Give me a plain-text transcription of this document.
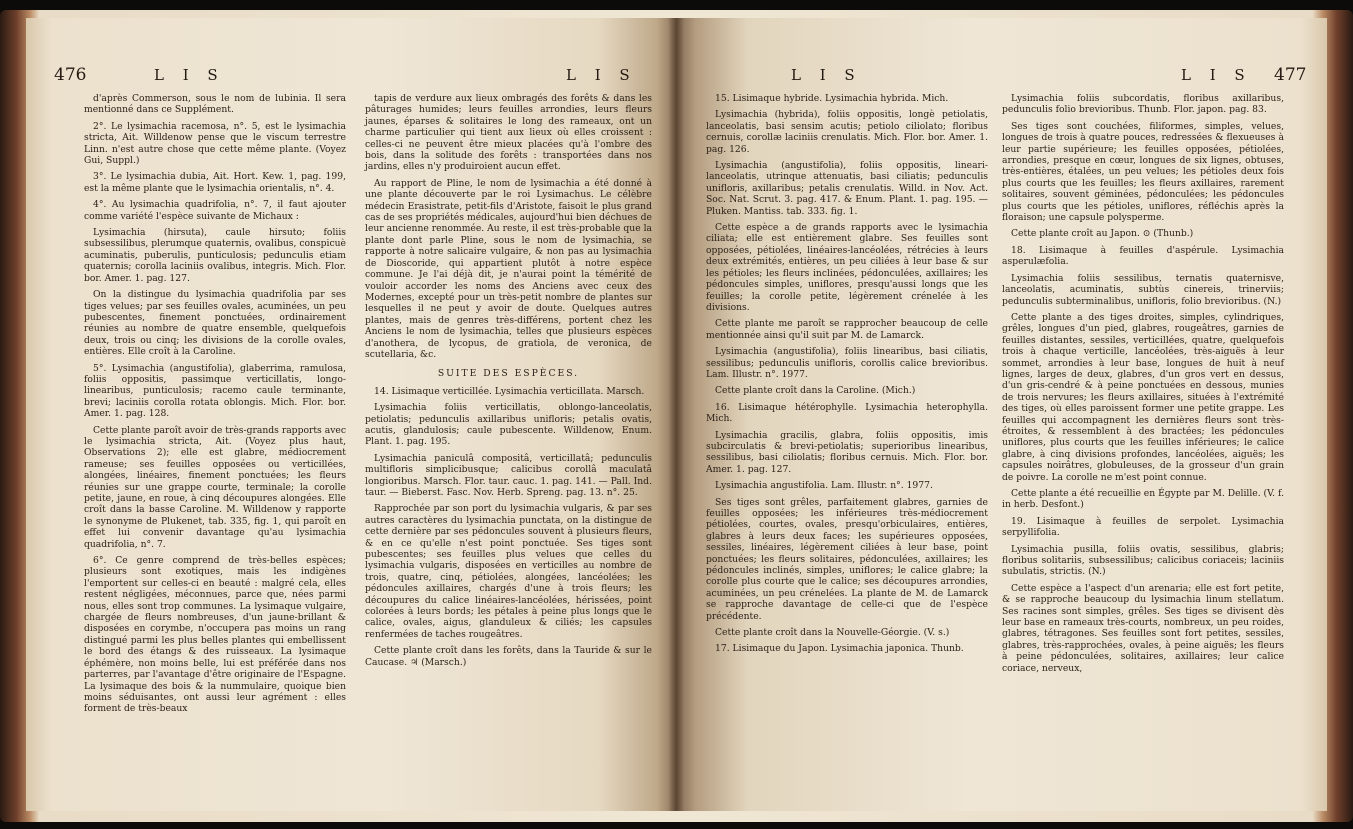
476	L I S	L I S

d'après Commerson, sous le nom de lubinia. Il sera mentionné dans ce Supplément.

2°. Le lysimachia racemosa, n°. 5, est le lysimachia stricta, Ait. Willdenow pense que le viscum terrestre Linn. n'est autre chose que cette même plante. (Voyez Gui, Suppl.)

3°. Le lysimachia dubia, Ait. Hort. Kew. 1, pag. 199, est la même plante que le lysimachia orientalis, n°. 4.

4°. Au lysimachia quadrifolia, n°. 7, il faut ajouter comme variété l'espèce suivante de Michaux :

Lysimachia (hirsuta), caule hirsuto; foliis subsessilibus, plerumque quaternis, ovalibus, conspicuè acuminatis, puberulis, punticulosis; pedunculis etiam quaternis; corolla laciniis ovalibus, integris. Mich. Flor. bor. Amer. 1. pag. 127.

On la distingue du lysimachia quadrifolia par ses tiges velues; par ses feuilles ovales, acuminées, un peu pubescentes, finement ponctuées, ordinairement réunies au nombre de quatre ensemble, quelquefois deux, trois ou cinq; les divisions de la corolle ovales, entières. Elle croît à la Caroline.

5°. Lysimachia (angustifolia), glaberrima, ramulosa, foliis oppositis, passimque verticillatis, longo-linearibus, punticulosis; racemo caule terminante, brevi; laciniis corolla rotata oblongis. Mich. Flor. bor. Amer. 1. pag. 128.

Cette plante paroît avoir de très-grands rapports avec le lysimachia stricta, Ait. (Voyez plus haut, Observations 2); elle est glabre, médiocrement rameuse; ses feuilles opposées ou verticillées, alongées, linéaires, finement ponctuées; les fleurs réunies sur une grappe courte, terminale; la corolle petite, jaune, en roue, à cinq découpures alongées. Elle croît dans la basse Caroline. M. Willdenow y rapporte le synonyme de Plukenet, tab. 335, fig. 1, qui paroît en effet lui convenir davantage qu'au lysimachia quadrifolia, n°. 7.

6°. Ce genre comprend de très-belles espèces; plusieurs sont exotiques, mais les indigènes l'emportent sur celles-ci en beauté : malgré cela, elles restent négligées, méconnues, parce que, nées parmi nous, elles sont trop communes. La lysimaque vulgaire, chargée de fleurs nombreuses, d'un jaune-brillant & disposées en corymbe, n'occupera pas moins un rang distingué parmi les plus belles plantes qui embellissent le bord des étangs & des ruisseaux. La lysimaque éphémère, non moins belle, lui est préférée dans nos parterres, par l'avantage d'être originaire de l'Espagne. La lysimaque des bois & la nummulaire, quoique bien moins séduisantes, ont aussi leur agrément : elles forment de très-beaux

tapis de verdure aux lieux ombragés des forêts & dans les pâturages humides; leurs feuilles arrondies, leurs fleurs jaunes, éparses & solitaires le long des rameaux, ont un charme particulier qui tient aux lieux où elles croissent : celles-ci ne peuvent être mieux placées qu'à l'ombre des bois, dans la solitude des forêts : transportées dans nos jardins, elles n'y produiroient aucun effet.

Au rapport de Pline, le nom de lysimachia a été donné à une plante découverte par le roi Lysimachus. Le célèbre médecin Erasistrate, petit-fils d'Aristote, faisoit le plus grand cas de ses propriétés médicales, aujourd'hui bien déchues de leur ancienne renommée. Au reste, il est très-probable que la plante dont parle Pline, sous le nom de lysimachia, se rapporte à notre salicaire vulgaire, & non pas au lysimachia de Dioscoride, qui appartient plutôt à notre espèce commune. Je l'ai déjà dit, je n'aurai point la témérité de vouloir accorder les noms des Anciens avec ceux des Modernes, excepté pour un très-petit nombre de plantes sur lesquelles il ne peut y avoir de doute. Quelques autres plantes, mais de genres très-différens, portent chez les Anciens le nom de lysimachia, telles que plusieurs espèces d'anothera, de lycopus, de gratiola, de veronica, de scutellaria, &c.

SUITE DES ESPÈCES.

14. Lisimaque verticillée. Lysimachia verticillata. Marsch.

Lysimachia foliis verticillatis, oblongo-lanceolatis, petiolatis; pedunculis axillaribus unifloris; petalis ovatis, acutis, glandulosis; caule pubescente. Willdenow, Enum. Plant. 1. pag. 195.

Lysimachia paniculâ compositâ, verticillatâ; pedunculis multifloris simplicibusque; calicibus corollâ maculatâ longioribus. Marsch. Flor. taur. cauc. 1. pag. 141. — Pall. Ind. taur. — Bieberst. Fasc. Nov. Herb. Spreng. pag. 13. n°. 25.

Rapprochée par son port du lysimachia vulgaris, & par ses autres caractères du lysimachia punctata, on la distingue de cette dernière par ses pédoncules souvent à plusieurs fleurs, & en ce qu'elle n'est point ponctuée. Ses tiges sont pubescentes; ses feuilles plus velues que celles du lysimachia vulgaris, disposées en verticilles au nombre de trois, quatre, cinq, pétiolées, alongées, lancéolées; les pédoncules axillaires, chargés d'une à trois fleurs; les découpures du calice linéaires-lancéolées, hérissées, point colorées à leurs bords; les pétales à peine plus longs que le calice, ovales, aigus, glanduleux & ciliés; les capsules renfermées de taches rougeâtres.

Cette plante croît dans les forêts, dans la Tauride & sur le Caucase. ♃ (Marsch.)

L I S	L I S 477

15. Lisimaque hybride. Lysimachia hybrida. Mich.

Lysimachia (hybrida), foliis oppositis, longè petiolatis, lanceolatis, basi sensim acutis; petiolo ciliolato; floribus cernuis, corollæ laciniis crenulatis. Mich. Flor. bor. Amer. 1. pag. 126.

Lysimachia (angustifolia), foliis oppositis, lineari-lanceolatis, utrinque attenuatis, basi ciliatis; pedunculis unifloris, axillaribus; petalis crenulatis. Willd. in Nov. Act. Soc. Nat. Scrut. 3. pag. 417. & Enum. Plant. 1. pag. 195. — Pluken. Mantiss. tab. 333. fig. 1.

Cette espèce a de grands rapports avec le lysimachia ciliata; elle est entièrement glabre. Ses feuilles sont opposées, pétiolées, linéaires-lancéolées, rétrécies à leurs deux extrémités, entières, un peu ciliées à leur base & sur les pétioles; les fleurs inclinées, pédonculées, axillaires; les pédoncules simples, uniflores, presqu'aussi longs que les feuilles; la corolle petite, légèrement crénelée à les divisions.

Cette plante me paroît se rapprocher beaucoup de celle mentionnée ainsi qu'il suit par M. de Lamarck.

Lysimachia (angustifolia), foliis linearibus, basi ciliatis, sessilibus; pedunculis unifloris, corollis calice brevioribus. Lam. Illustr. n°. 1977.

Cette plante croît dans la Caroline. (Mich.)

16. Lisimaque hétérophylle. Lysimachia heterophylla. Mich.

Lysimachia gracilis, glabra, foliis oppositis, imis subcirculatis & brevi-petiolatis; superioribus linearibus, sessilibus, basi ciliolatis; floribus cernuis. Mich. Flor. bor. Amer. 1. pag. 127.

Lysimachia angustifolia. Lam. Illustr. n°. 1977.

Ses tiges sont grêles, parfaitement glabres, garnies de feuilles opposées; les inférieures très-médiocrement pétiolées, courtes, ovales, presqu'orbiculaires, entières, glabres à leurs deux faces; les supérieures opposées, sessiles, linéaires, légèrement ciliées à leur base, point ponctuées; les fleurs solitaires, pédonculées, axillaires; les pédoncules inclinés, simples, uniflores; le calice glabre; la corolle plus courte que le calice; ses découpures arrondies, acuminées, un peu crénelées. La plante de M. de Lamarck se rapproche davantage de celle-ci que de l'espèce précédente.

Cette plante croît dans la Nouvelle-Géorgie. (V. s.)

17. Lisimaque du Japon. Lysimachia japonica. Thunb.

Lysimachia foliis subcordatis, floribus axillaribus, pedunculis folio brevioribus. Thunb. Flor. japon. pag. 83.

Ses tiges sont couchées, filiformes, simples, velues, longues de trois à quatre pouces, redressées & flexueuses à leur partie supérieure; les feuilles opposées, pétiolées, arrondies, presque en cœur, longues de six lignes, obtuses, très-entières, étalées, un peu velues; les pétioles deux fois plus courts que les feuilles; les fleurs axillaires, rarement solitaires, souvent géminées, pédonculées; les pédoncules plus courts que les pétioles, uniflores, réfléchis après la floraison; une capsule polysperme.

Cette plante croît au Japon. ⊙ (Thunb.)

18. Lisimaque à feuilles d'aspérule. Lysimachia asperulæfolia.

Lysimachia foliis sessilibus, ternatis quaternisve, lanceolatis, acuminatis, subtùs cinereis, trinerviis; pedunculis subterminalibus, unifloris, folio brevioribus. (N.)

Cette plante a des tiges droites, simples, cylindriques, grêles, longues d'un pied, glabres, rougeâtres, garnies de feuilles distantes, sessiles, verticillées, quatre, quelquefois trois à chaque verticille, lancéolées, très-aiguës à leur sommet, arrondies à leur base, longues de huit à neuf lignes, larges de deux, glabres, d'un gros vert en dessus, d'un gris-cendré & à peine ponctuées en dessous, munies de trois nervures; les fleurs axillaires, situées à l'extrémité des tiges, où elles paroissent former une petite grappe. Les feuilles qui accompagnent les dernières fleurs sont très-étroites, & ressemblent à des bractées; les pédoncules uniflores, plus courts que les feuilles inférieures; le calice glabre, à cinq divisions profondes, lancéolées, aiguës; les capsules noirâtres, globuleuses, de la grosseur d'un grain de poivre. La corolle ne m'est point connue.

Cette plante a été recueillie en Égypte par M. Delille. (V. f. in herb. Desfont.)

19. Lisimaque à feuilles de serpolet. Lysimachia serpyllifolia.

Lysimachia pusilla, foliis ovatis, sessilibus, glabris; floribus solitariis, subsessilibus; calicibus coriaceis; laciniis subulatis, strictis. (N.)

Cette espèce a l'aspect d'un arenaria; elle est fort petite, & se rapproche beaucoup du lysimachia linum stellatum. Ses racines sont simples, grêles. Ses tiges se divisent dès leur base en rameaux très-courts, nombreux, un peu roides, glabres, tétragones. Ses feuilles sont fort petites, sessiles, glabres, très-rapprochées, ovales, à peine aiguës; les fleurs à peine pédonculées, solitaires, axillaires; leur calice coriace, nerveux,
